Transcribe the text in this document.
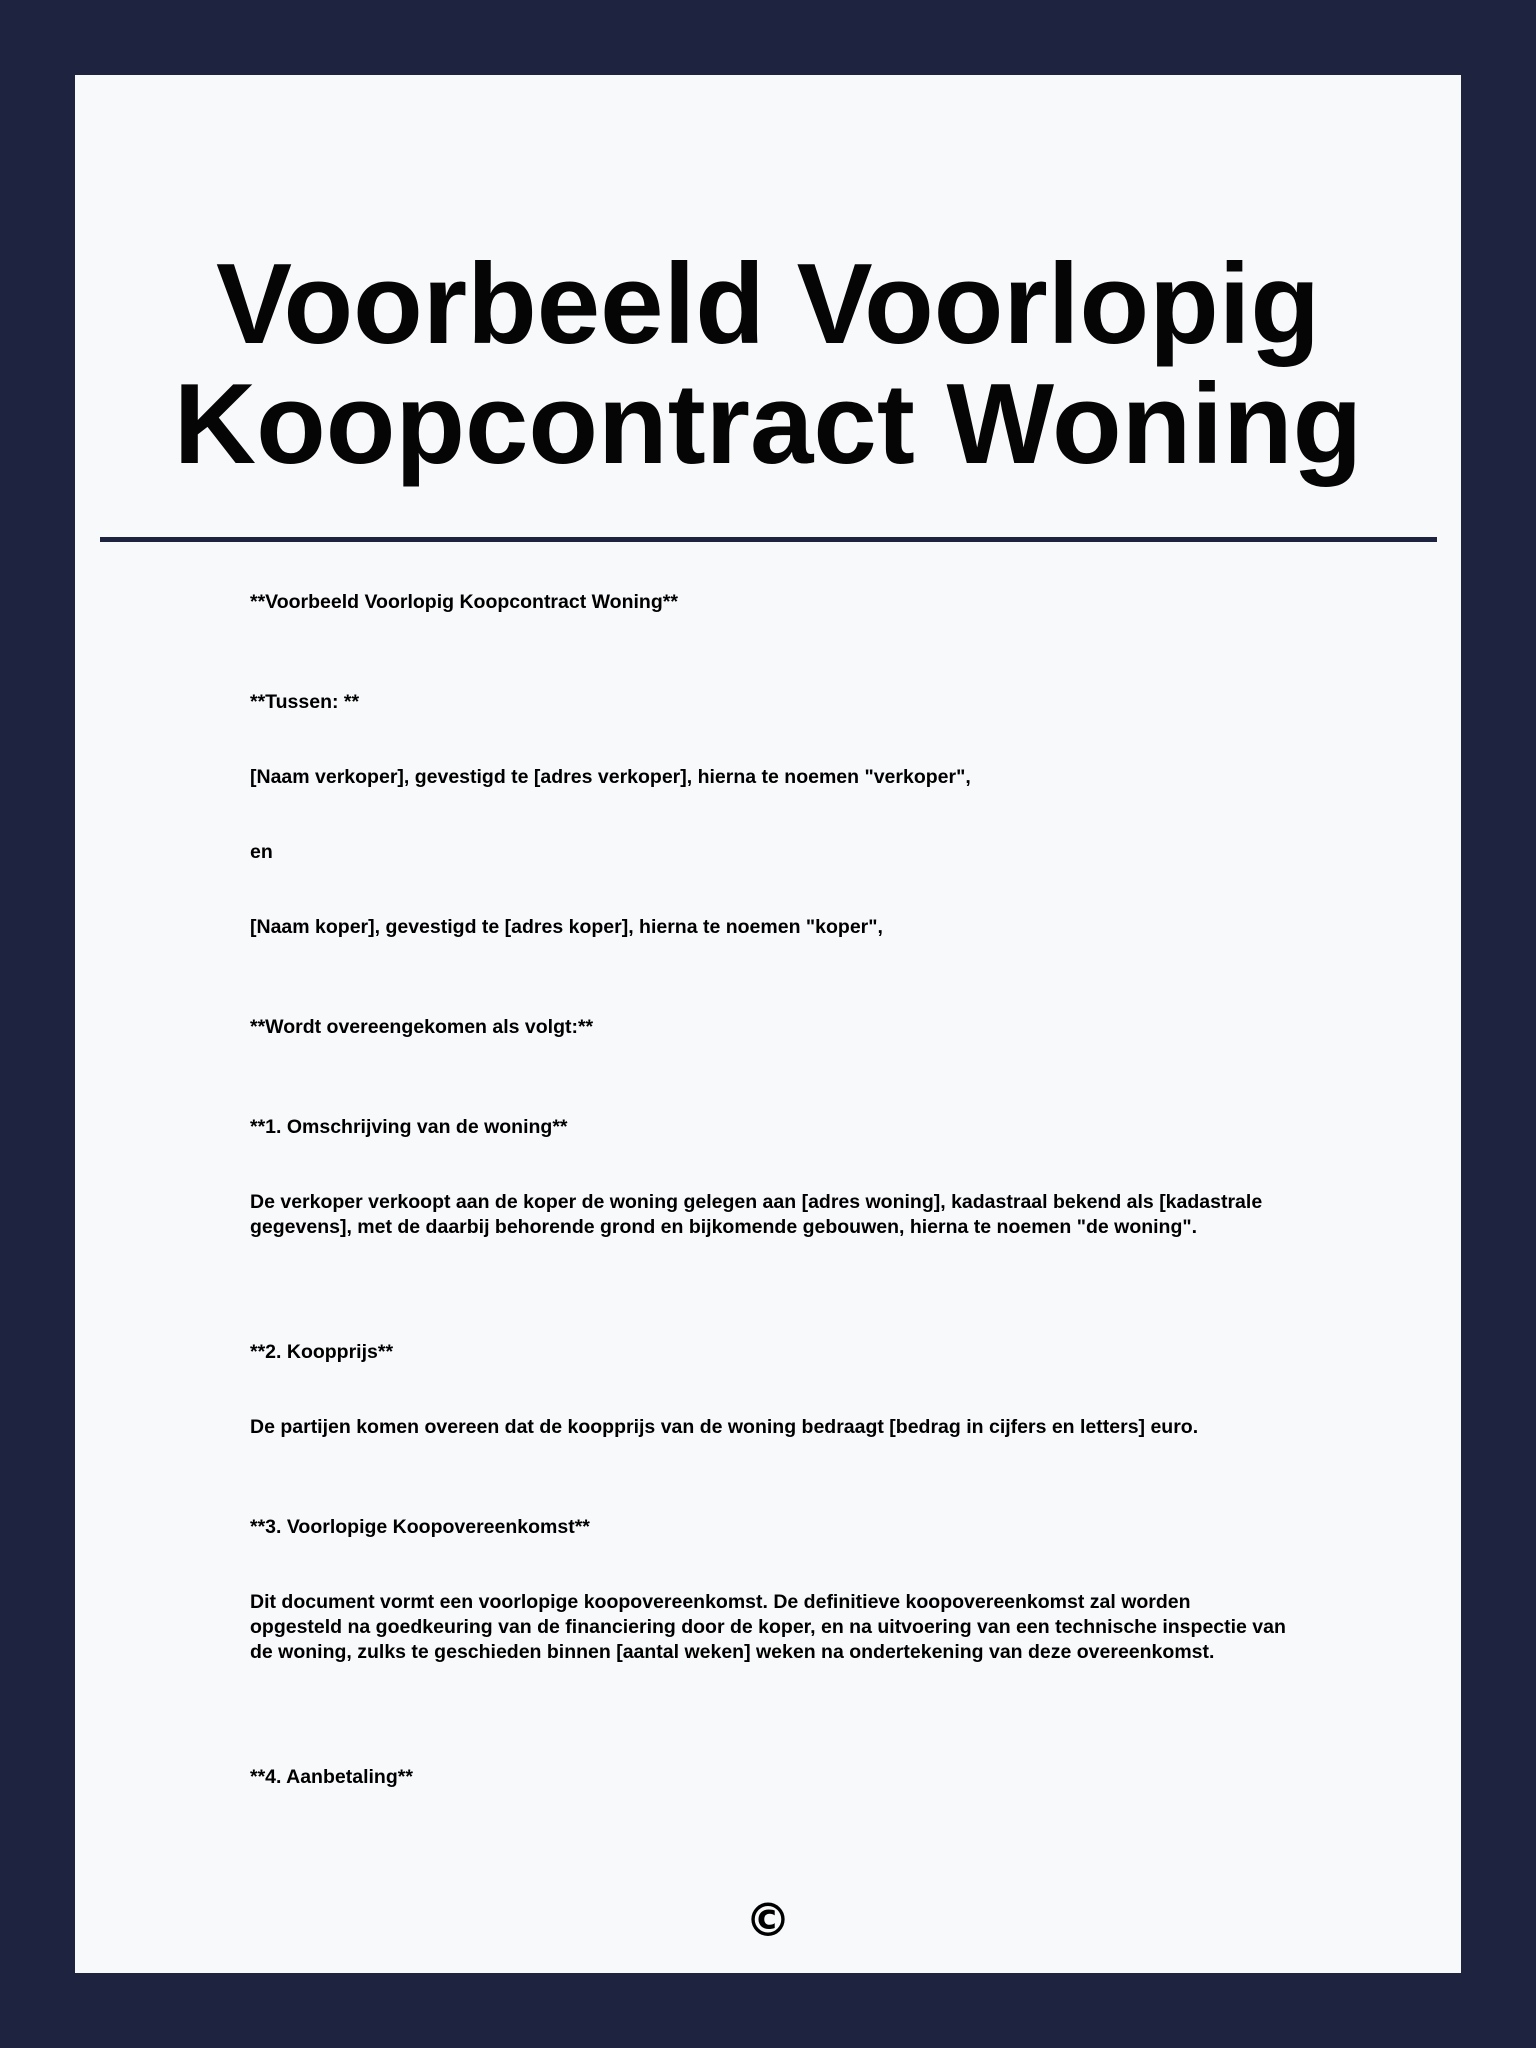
Voorbeeld Voorlopig Koopcontract Woning

**Voorbeeld Voorlopig Koopcontract Woning**

**Tussen: **

[Naam verkoper], gevestigd te [adres verkoper], hierna te noemen "verkoper",

en

[Naam koper], gevestigd te [adres koper], hierna te noemen "koper",

**Wordt overeengekomen als volgt:**

**1. Omschrijving van de woning**

De verkoper verkoopt aan de koper de woning gelegen aan [adres woning], kadastraal bekend als [kadastrale gegevens], met de daarbij behorende grond en bijkomende gebouwen, hierna te noemen "de woning".

**2. Koopprijs**

De partijen komen overeen dat de koopprijs van de woning bedraagt [bedrag in cijfers en letters] euro.

**3. Voorlopige Koopovereenkomst**

Dit document vormt een voorlopige koopovereenkomst. De definitieve koopovereenkomst zal worden opgesteld na goedkeuring van de financiering door de koper, en na uitvoering van een technische inspectie van de woning, zulks te geschieden binnen [aantal weken] weken na ondertekening van deze overeenkomst.

**4. Aanbetaling**

©
